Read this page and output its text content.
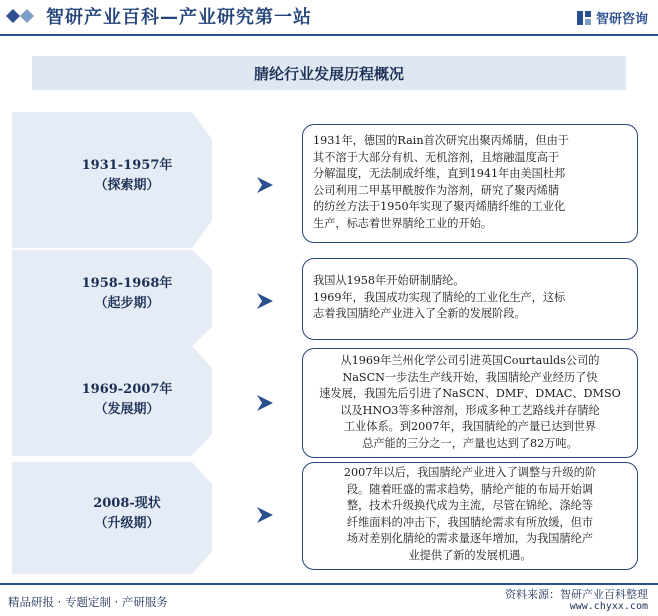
智研产业百科—产业研究第一站	智研咨询
腈纶行业发展历程概况
1931-1957年
（探索期）
1931年，德国的Rain首次研究出聚丙烯腈，但由于
其不溶于大部分有机、无机溶剂，且熔融温度高于
分解温度，无法制成纤维，直到1941年由美国杜邦
公司利用二甲基甲酰胺作为溶剂，研究了聚丙烯腈
的纺丝方法于1950年实现了聚丙烯腈纤维的工业化
生产，标志着世界腈纶工业的开始。
1958-1968年
（起步期）
我国从1958年开始研制腈纶。
1969年，我国成功实现了腈纶的工业化生产，这标
志着我国腈纶产业进入了全新的发展阶段。
1969-2007年
（发展期）
从1969年兰州化学公司引进英国Courtaulds公司的
NaSCN一步法生产线开始，我国腈纶产业经历了快
速发展，我国先后引进了NaSCN、DMF、DMAC、DMSO
以及HNO3等多种溶剂，形成多种工艺路线并存腈纶
工业体系。到2007年，我国腈纶的产量已达到世界
总产能的三分之一，产量也达到了82万吨。
2008-现状
（升级期）
2007年以后，我国腈纶产业进入了调整与升级的阶
段。随着旺盛的需求趋势，腈纶产能的布局开始调
整，技术升级换代成为主流，尽管在锦纶、涤纶等
纤维面料的冲击下，我国腈纶需求有所放缓，但市
场对差别化腈纶的需求量逐年增加，为我国腈纶产
业提供了新的发展机遇。
精品研报 · 专题定制 · 产研服务
资料来源：智研产业百科整理
www.chyxx.com
